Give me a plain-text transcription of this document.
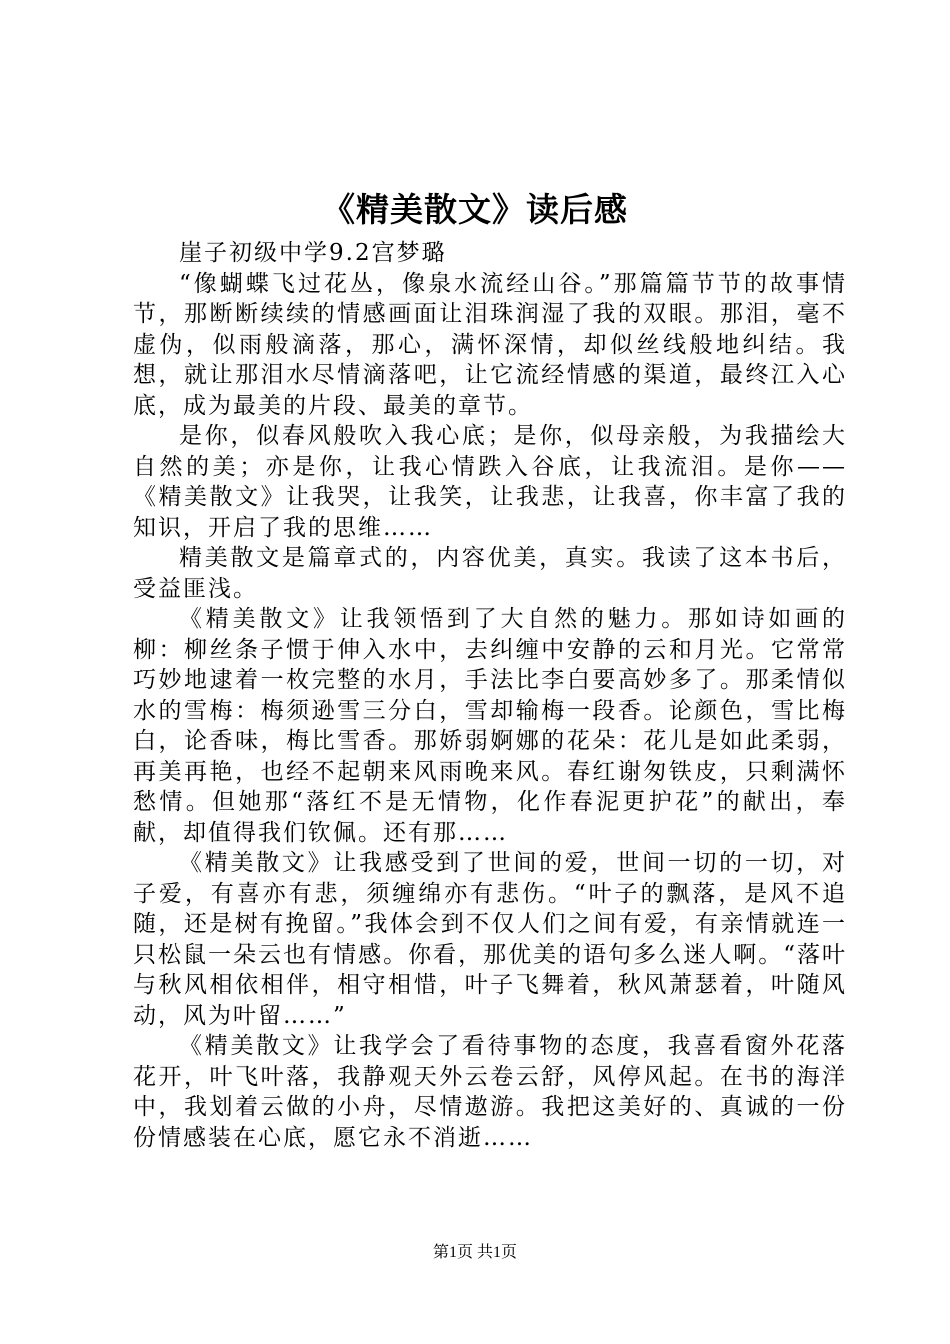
《精美散文》读后感

崖子初级中学9.2宫梦璐

“像蝴蝶飞过花丛，像泉水流经山谷。”那篇篇节节的故事情节，那断断续续的情感画面让泪珠润湿了我的双眼。那泪，毫不虚伪，似雨般滴落，那心，满怀深情，却似丝线般地纠结。我想，就让那泪水尽情滴落吧，让它流经情感的渠道，最终江入心底，成为最美的片段、最美的章节。

是你，似春风般吹入我心底；是你，似母亲般，为我描绘大自然的美；亦是你，让我心情跌入谷底，让我流泪。是你——《精美散文》让我哭，让我笑，让我悲，让我喜，你丰富了我的知识，开启了我的思维……

精美散文是篇章式的，内容优美，真实。我读了这本书后，受益匪浅。

《精美散文》让我领悟到了大自然的魅力。那如诗如画的柳：柳丝条子惯于伸入水中，去纠缠中安静的云和月光。它常常巧妙地逮着一枚完整的水月，手法比李白要高妙多了。那柔情似水的雪梅：梅须逊雪三分白，雪却输梅一段香。论颜色，雪比梅白，论香味，梅比雪香。那娇弱婀娜的花朵：花儿是如此柔弱，再美再艳，也经不起朝来风雨晚来风。春红谢匆铁皮，只剩满怀愁情。但她那“落红不是无情物，化作春泥更护花”的献出，奉献，却值得我们钦佩。还有那……

《精美散文》让我感受到了世间的爱，世间一切的一切，对子爱，有喜亦有悲，须缠绵亦有悲伤。“叶子的飘落，是风不追随，还是树有挽留。”我体会到不仅人们之间有爱，有亲情就连一只松鼠一朵云也有情感。你看，那优美的语句多么迷人啊。“落叶与秋风相依相伴，相守相惜，叶子飞舞着，秋风萧瑟着，叶随风动，风为叶留……”

《精美散文》让我学会了看待事物的态度，我喜看窗外花落花开，叶飞叶落，我静观天外云卷云舒，风停风起。在书的海洋中，我划着云做的小舟，尽情遨游。我把这美好的、真诚的一份份情感装在心底，愿它永不消逝……

第1页 共1页
